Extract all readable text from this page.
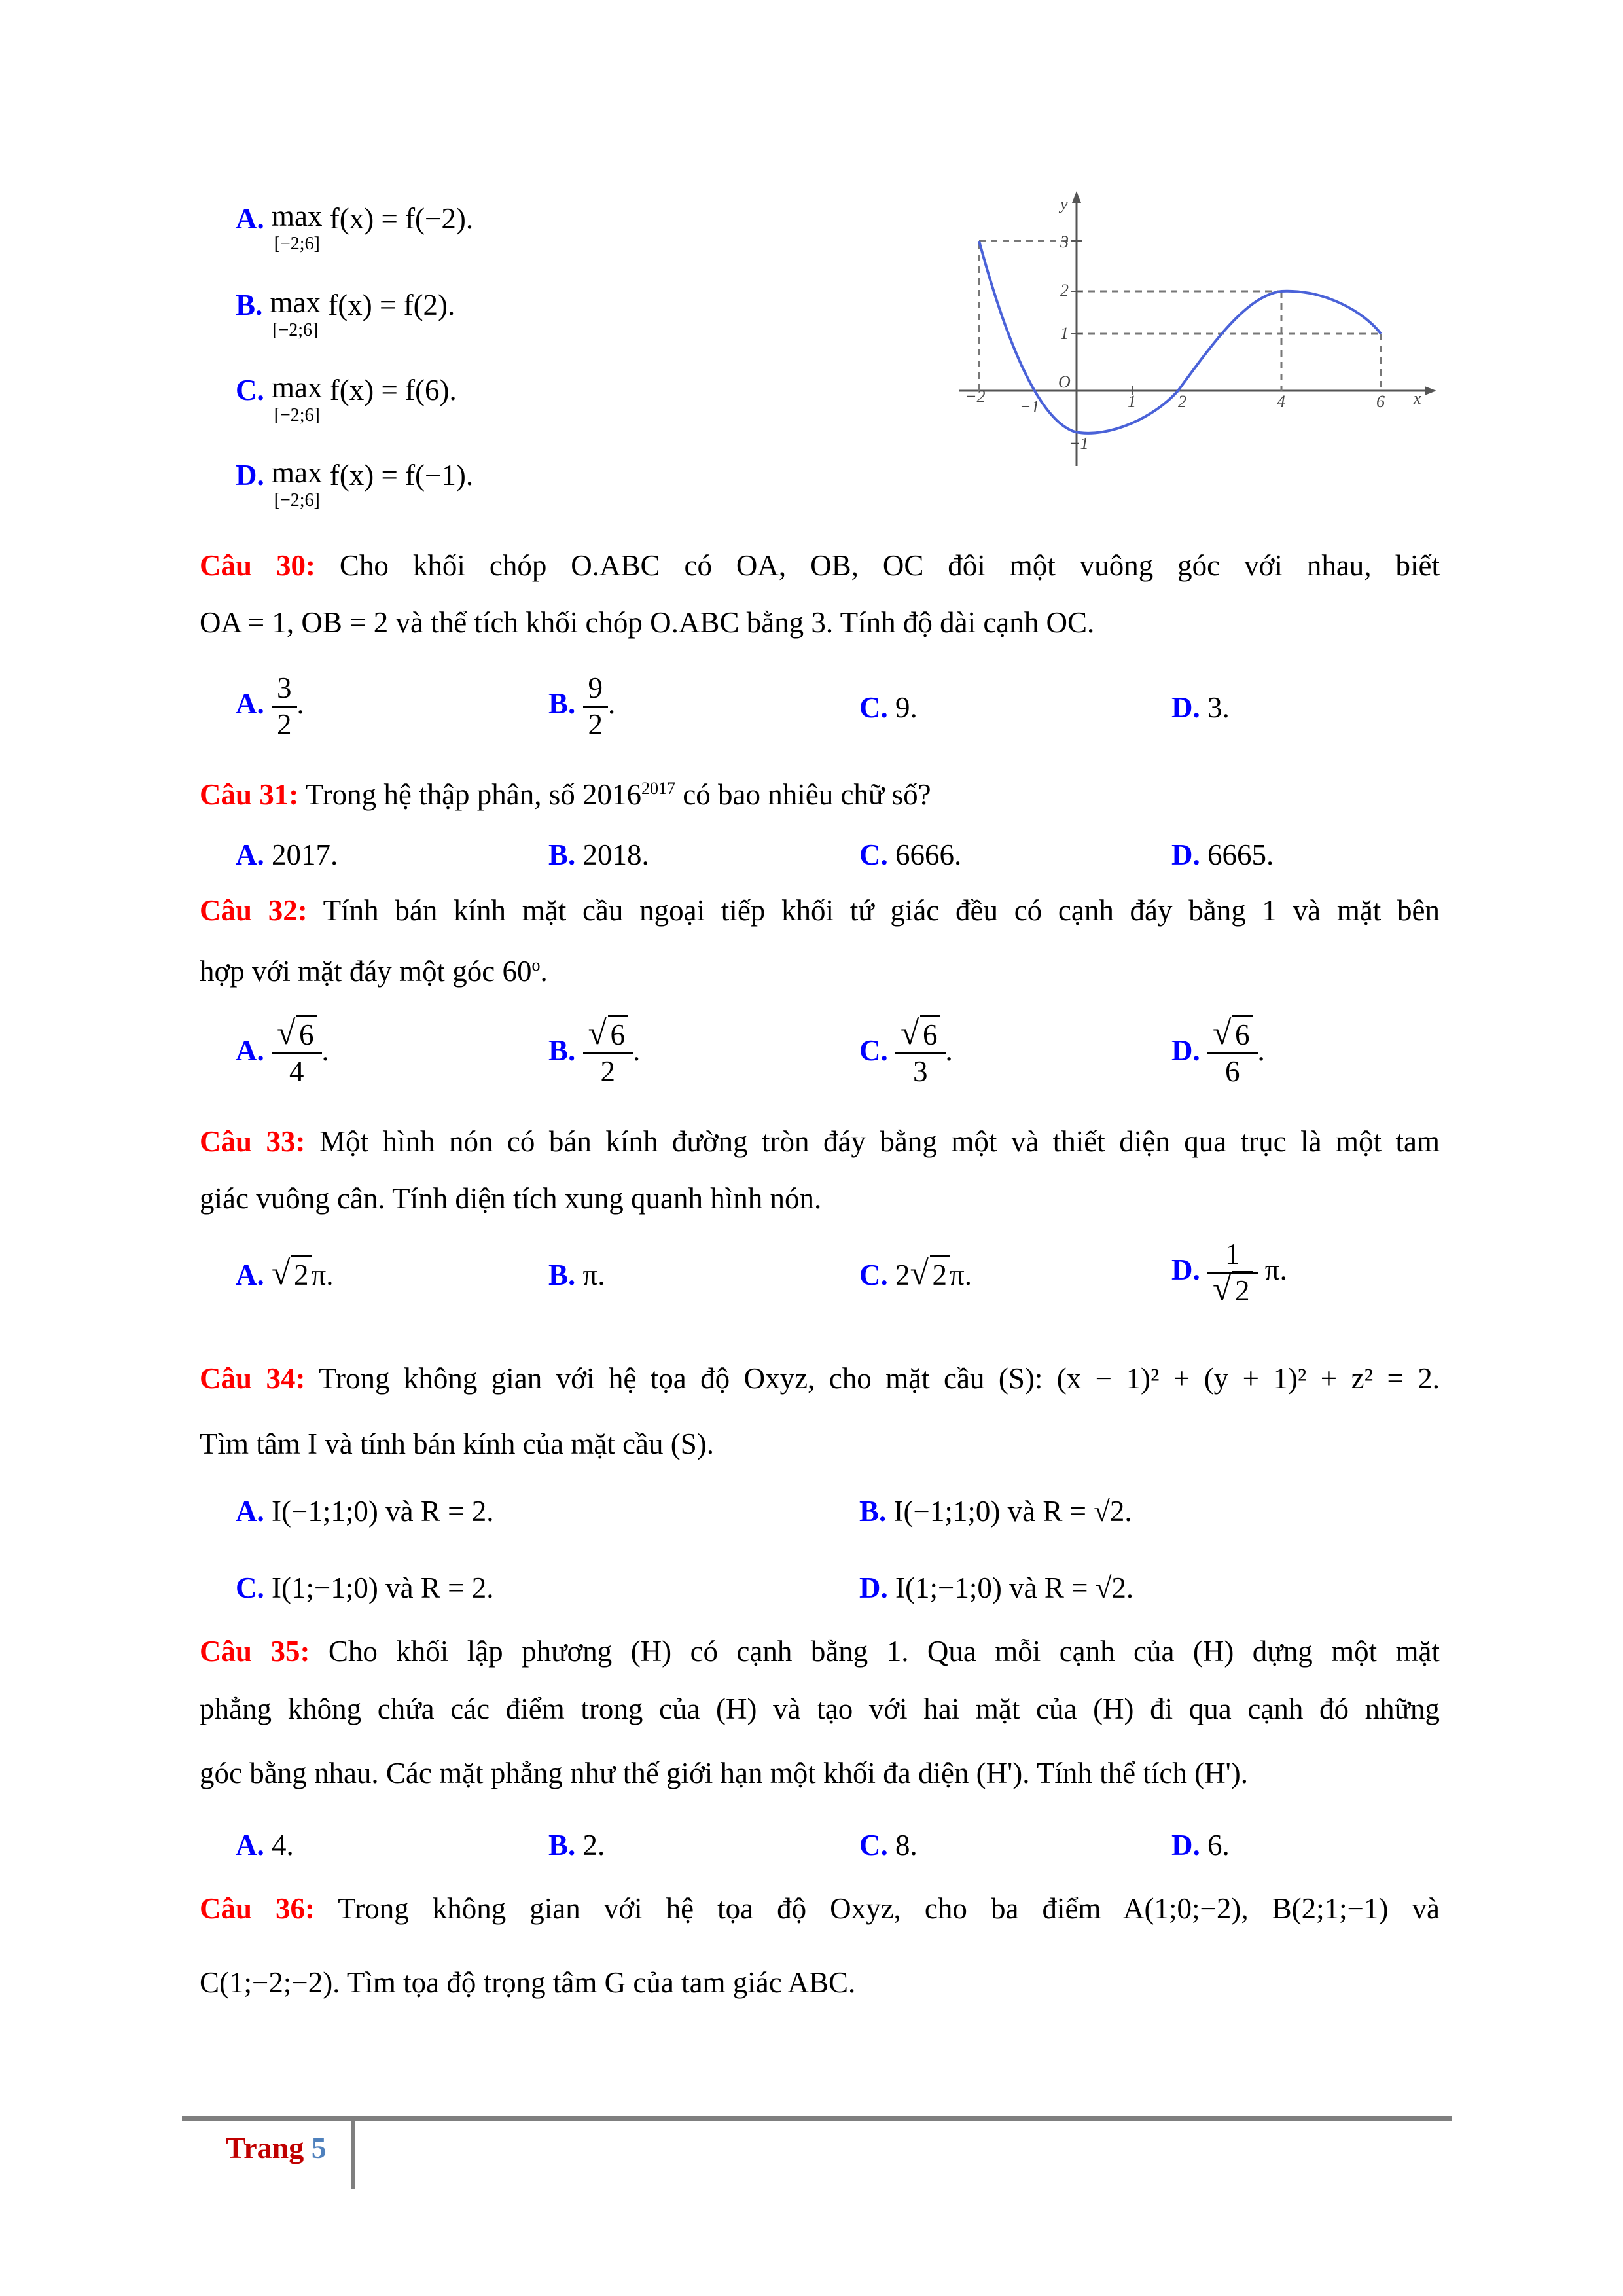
A. max
[−2;6]
f(x) = f(−2).
B. max
[−2;6]
f(x) = f(2).
C. max
[−2;6]
f(x) = f(6).
D. max
[−2;6]
f(x) = f(−1).
y
x
O
3
2
1
−2
−1	1 2	4	6
−1
Câu 30: Cho khối chóp O.ABC có OA, OB, OC đôi một vuông góc với nhau, biết
OA = 1, OB = 2 và thể tích khối chóp O.ABC bằng 3. Tính độ dài cạnh OC.
A. $\frac{3}{2}$ .	B. $\frac{9}{2}$ .	C. 9.	D. 3.
Câu 31: Trong hệ thập phân, số $2016^{2017}$ có bao nhiêu chữ số?
A. 2017.	B. 2018.	C. 6666.	D. 6665.
Câu 32: Tính bán kính mặt cầu ngoại tiếp khối tứ giác đều có cạnh đáy bằng 1 và mặt bên
hợp với mặt đáy một góc 60$^o$.
A. $\frac{√ 6}{4}$ .	B. $\frac{√ 6}{2}$ .	C. $\frac{√ 6}{3}$ .	D. $\frac{√ 6}{6}$ .
Câu 33: Một hình nón có bán kính đường tròn đáy bằng một và thiết diện qua trục là một tam
giác vuông cân. Tính diện tích xung quanh hình nón.
A. √ 2π.	B. π.	C. 2 √ 2π.	D. $\frac{1}{√ 2} \pi$.
Câu 34: Trong không gian với hệ tọa độ Oxyz, cho mặt cầu (S): (x − 1)² + (y + 1)² + z² = 2.
Tìm tâm I và tính bán kính của mặt cầu (S).
A. I(−1;1;0) và R = 2.	B. I(−1;1;0) và R = √2.
C. I(1;−1;0) và R = 2.	D. I(1;−1;0) và R = √2.
Câu 35: Cho khối lập phương (H) có cạnh bằng 1. Qua mỗi cạnh của (H) dựng một mặt
phẳng không chứa các điểm trong của (H) và tạo với hai mặt của (H) đi qua cạnh đó những
góc bằng nhau. Các mặt phẳng như thế giới hạn một khối đa diện (H'). Tính thể tích (H').
A. 4.	B. 2.	C. 8.	D. 6.
Câu 36: Trong không gian với hệ tọa độ Oxyz, cho ba điểm A(1;0;−2), B(2;1;−1) và
C(1;−2;−2). Tìm tọa độ trọng tâm G của tam giác ABC.
Trang 5
